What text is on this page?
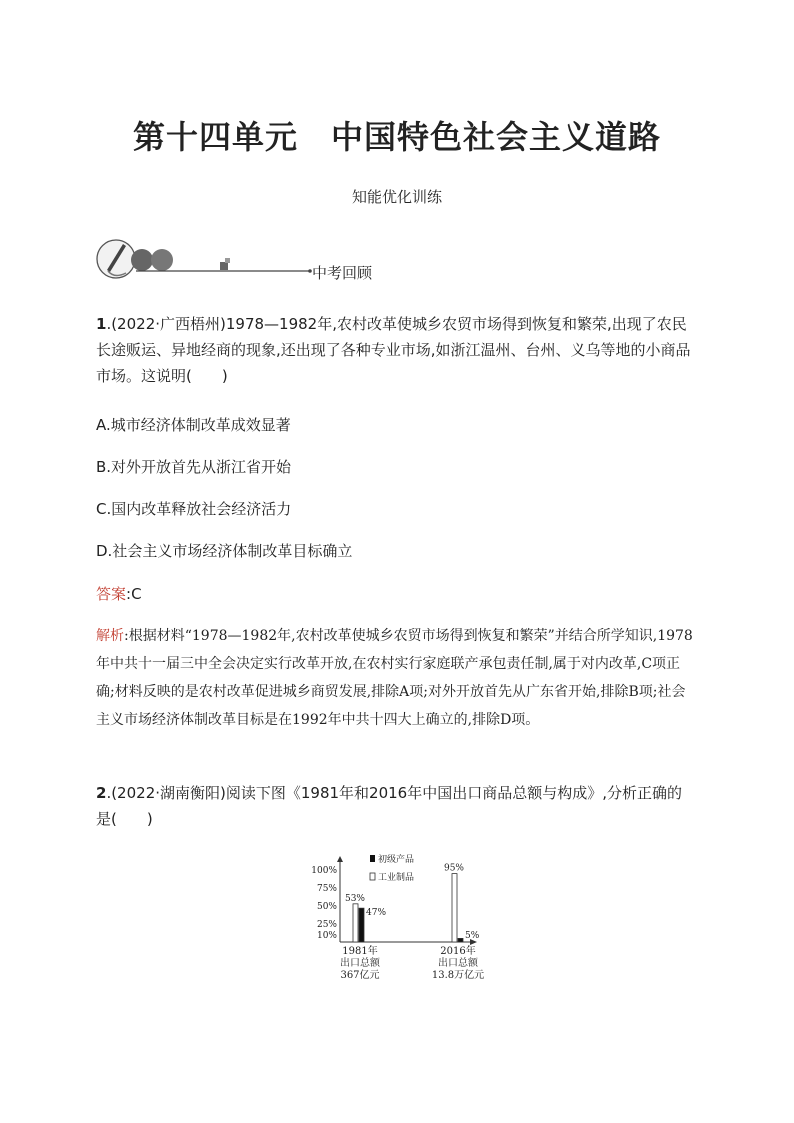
第十四单元　中国特色社会主义道路
知能优化训练
中考回顾
1.(2022·广西梧州)1978—1982年,农村改革使城乡农贸市场得到恢复和繁荣,出现了农民长途贩运、异地经商的现象,还出现了各种专业市场,如浙江温州、台州、义乌等地的小商品市场。这说明(　　)
A.城市经济体制改革成效显著
B.对外开放首先从浙江省开始
C.国内改革释放社会经济活力
D.社会主义市场经济体制改革目标确立
答案:C
解析:根据材料“1978—1982年,农村改革使城乡农贸市场得到恢复和繁荣”并结合所学知识,1978年中共十一届三中全会决定实行改革开放,在农村实行家庭联产承包责任制,属于对内改革,C项正确;材料反映的是农村改革促进城乡商贸发展,排除A项;对外开放首先从广东省开始,排除B项;社会主义市场经济体制改革目标是在1992年中共十四大上确立的,排除D项。
2.(2022·湖南衡阳)阅读下图《1981年和2016年中国出口商品总额与构成》,分析正确的是(　　)
100%
75%
50%
25%
10%
初级产品
工业制品
53%
47%
1981年
出口总额
367亿元
95%
5%
2016年
出口总额
13.8万亿元
